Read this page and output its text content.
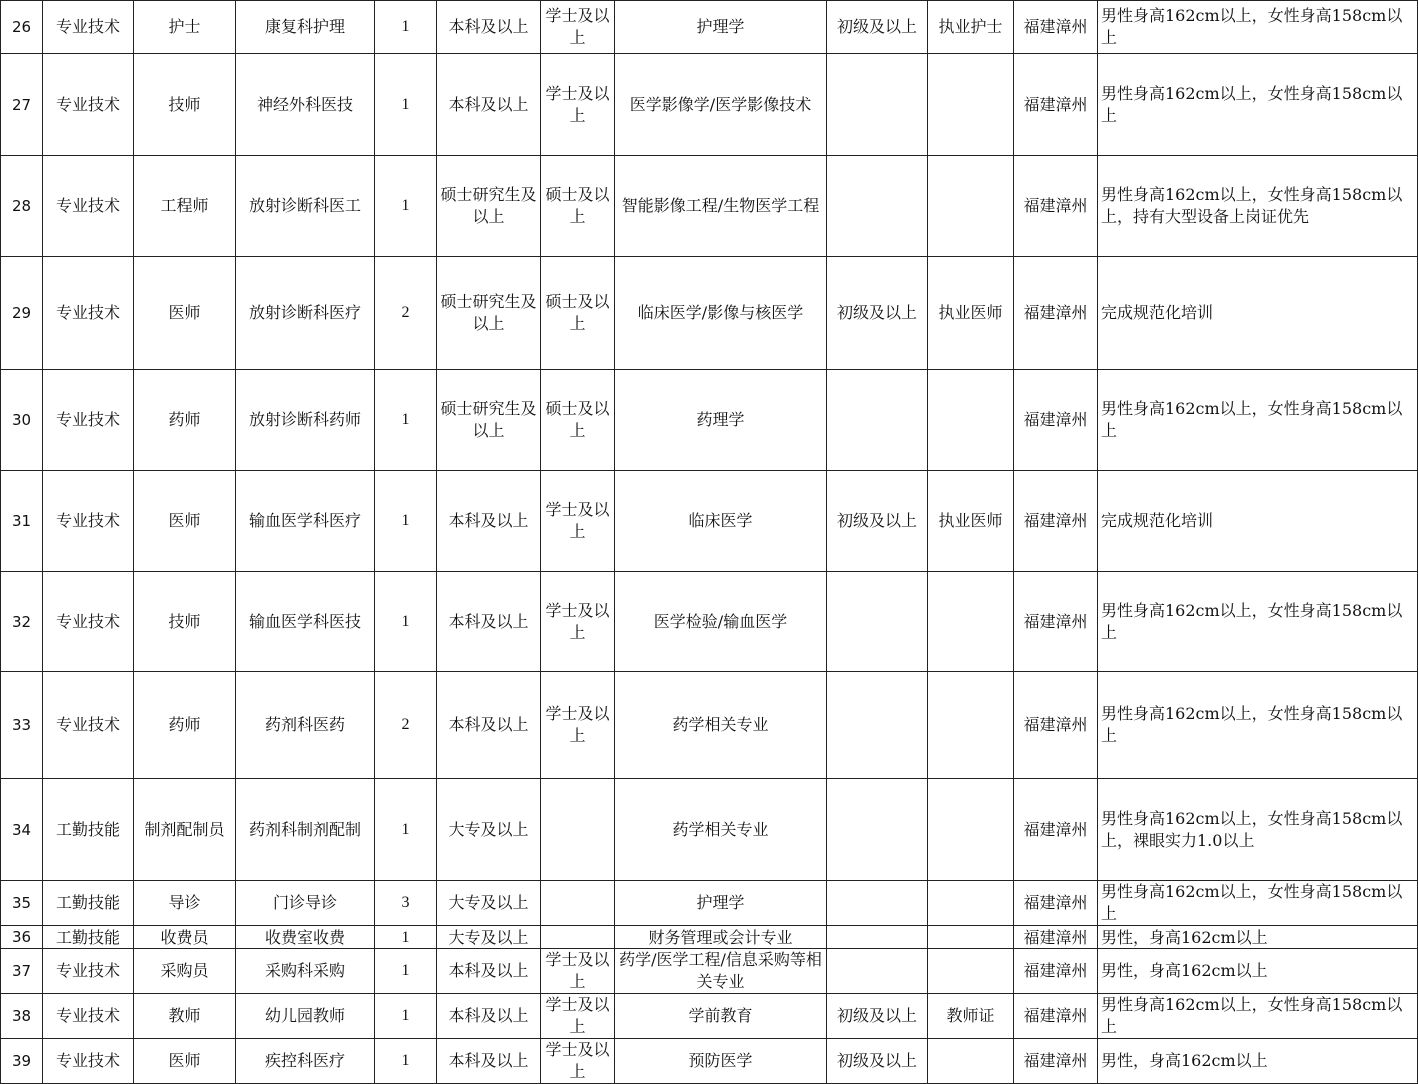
26	专业技术	护士	康复科护理	1	本科及以上	学士及以上	护理学	初级及以上	执业护士	福建漳州	男性身高162cm以上，女性身高158cm以上
27	专业技术	技师	神经外科医技	1	本科及以上	学士及以上	医学影像学/医学影像技术			福建漳州	男性身高162cm以上，女性身高158cm以上
28	专业技术	工程师	放射诊断科医工	1	硕士研究生及以上	硕士及以上	智能影像工程/生物医学工程			福建漳州	男性身高162cm以上，女性身高158cm以上，持有大型设备上岗证优先
29	专业技术	医师	放射诊断科医疗	2	硕士研究生及以上	硕士及以上	临床医学/影像与核医学	初级及以上	执业医师	福建漳州	完成规范化培训
30	专业技术	药师	放射诊断科药师	1	硕士研究生及以上	硕士及以上	药理学			福建漳州	男性身高162cm以上，女性身高158cm以上
31	专业技术	医师	输血医学科医疗	1	本科及以上	学士及以上	临床医学	初级及以上	执业医师	福建漳州	完成规范化培训
32	专业技术	技师	输血医学科医技	1	本科及以上	学士及以上	医学检验/输血医学			福建漳州	男性身高162cm以上，女性身高158cm以上
33	专业技术	药师	药剂科医药	2	本科及以上	学士及以上	药学相关专业			福建漳州	男性身高162cm以上，女性身高158cm以上
34	工勤技能	制剂配制员	药剂科制剂配制	1	大专及以上		药学相关专业			福建漳州	男性身高162cm以上，女性身高158cm以上，裸眼实力1.0以上
35	工勤技能	导诊	门诊导诊	3	大专及以上		护理学			福建漳州	男性身高162cm以上，女性身高158cm以上
36	工勤技能	收费员	收费室收费	1	大专及以上		财务管理或会计专业			福建漳州	男性，身高162cm以上
37	专业技术	采购员	采购科采购	1	本科及以上	学士及以上	药学/医学工程/信息采购等相关专业			福建漳州	男性，身高162cm以上
38	专业技术	教师	幼儿园教师	1	本科及以上	学士及以上	学前教育	初级及以上	教师证	福建漳州	男性身高162cm以上，女性身高158cm以上
39	专业技术	医师	疾控科医疗	1	本科及以上	学士及以上	预防医学	初级及以上		福建漳州	男性，身高162cm以上
